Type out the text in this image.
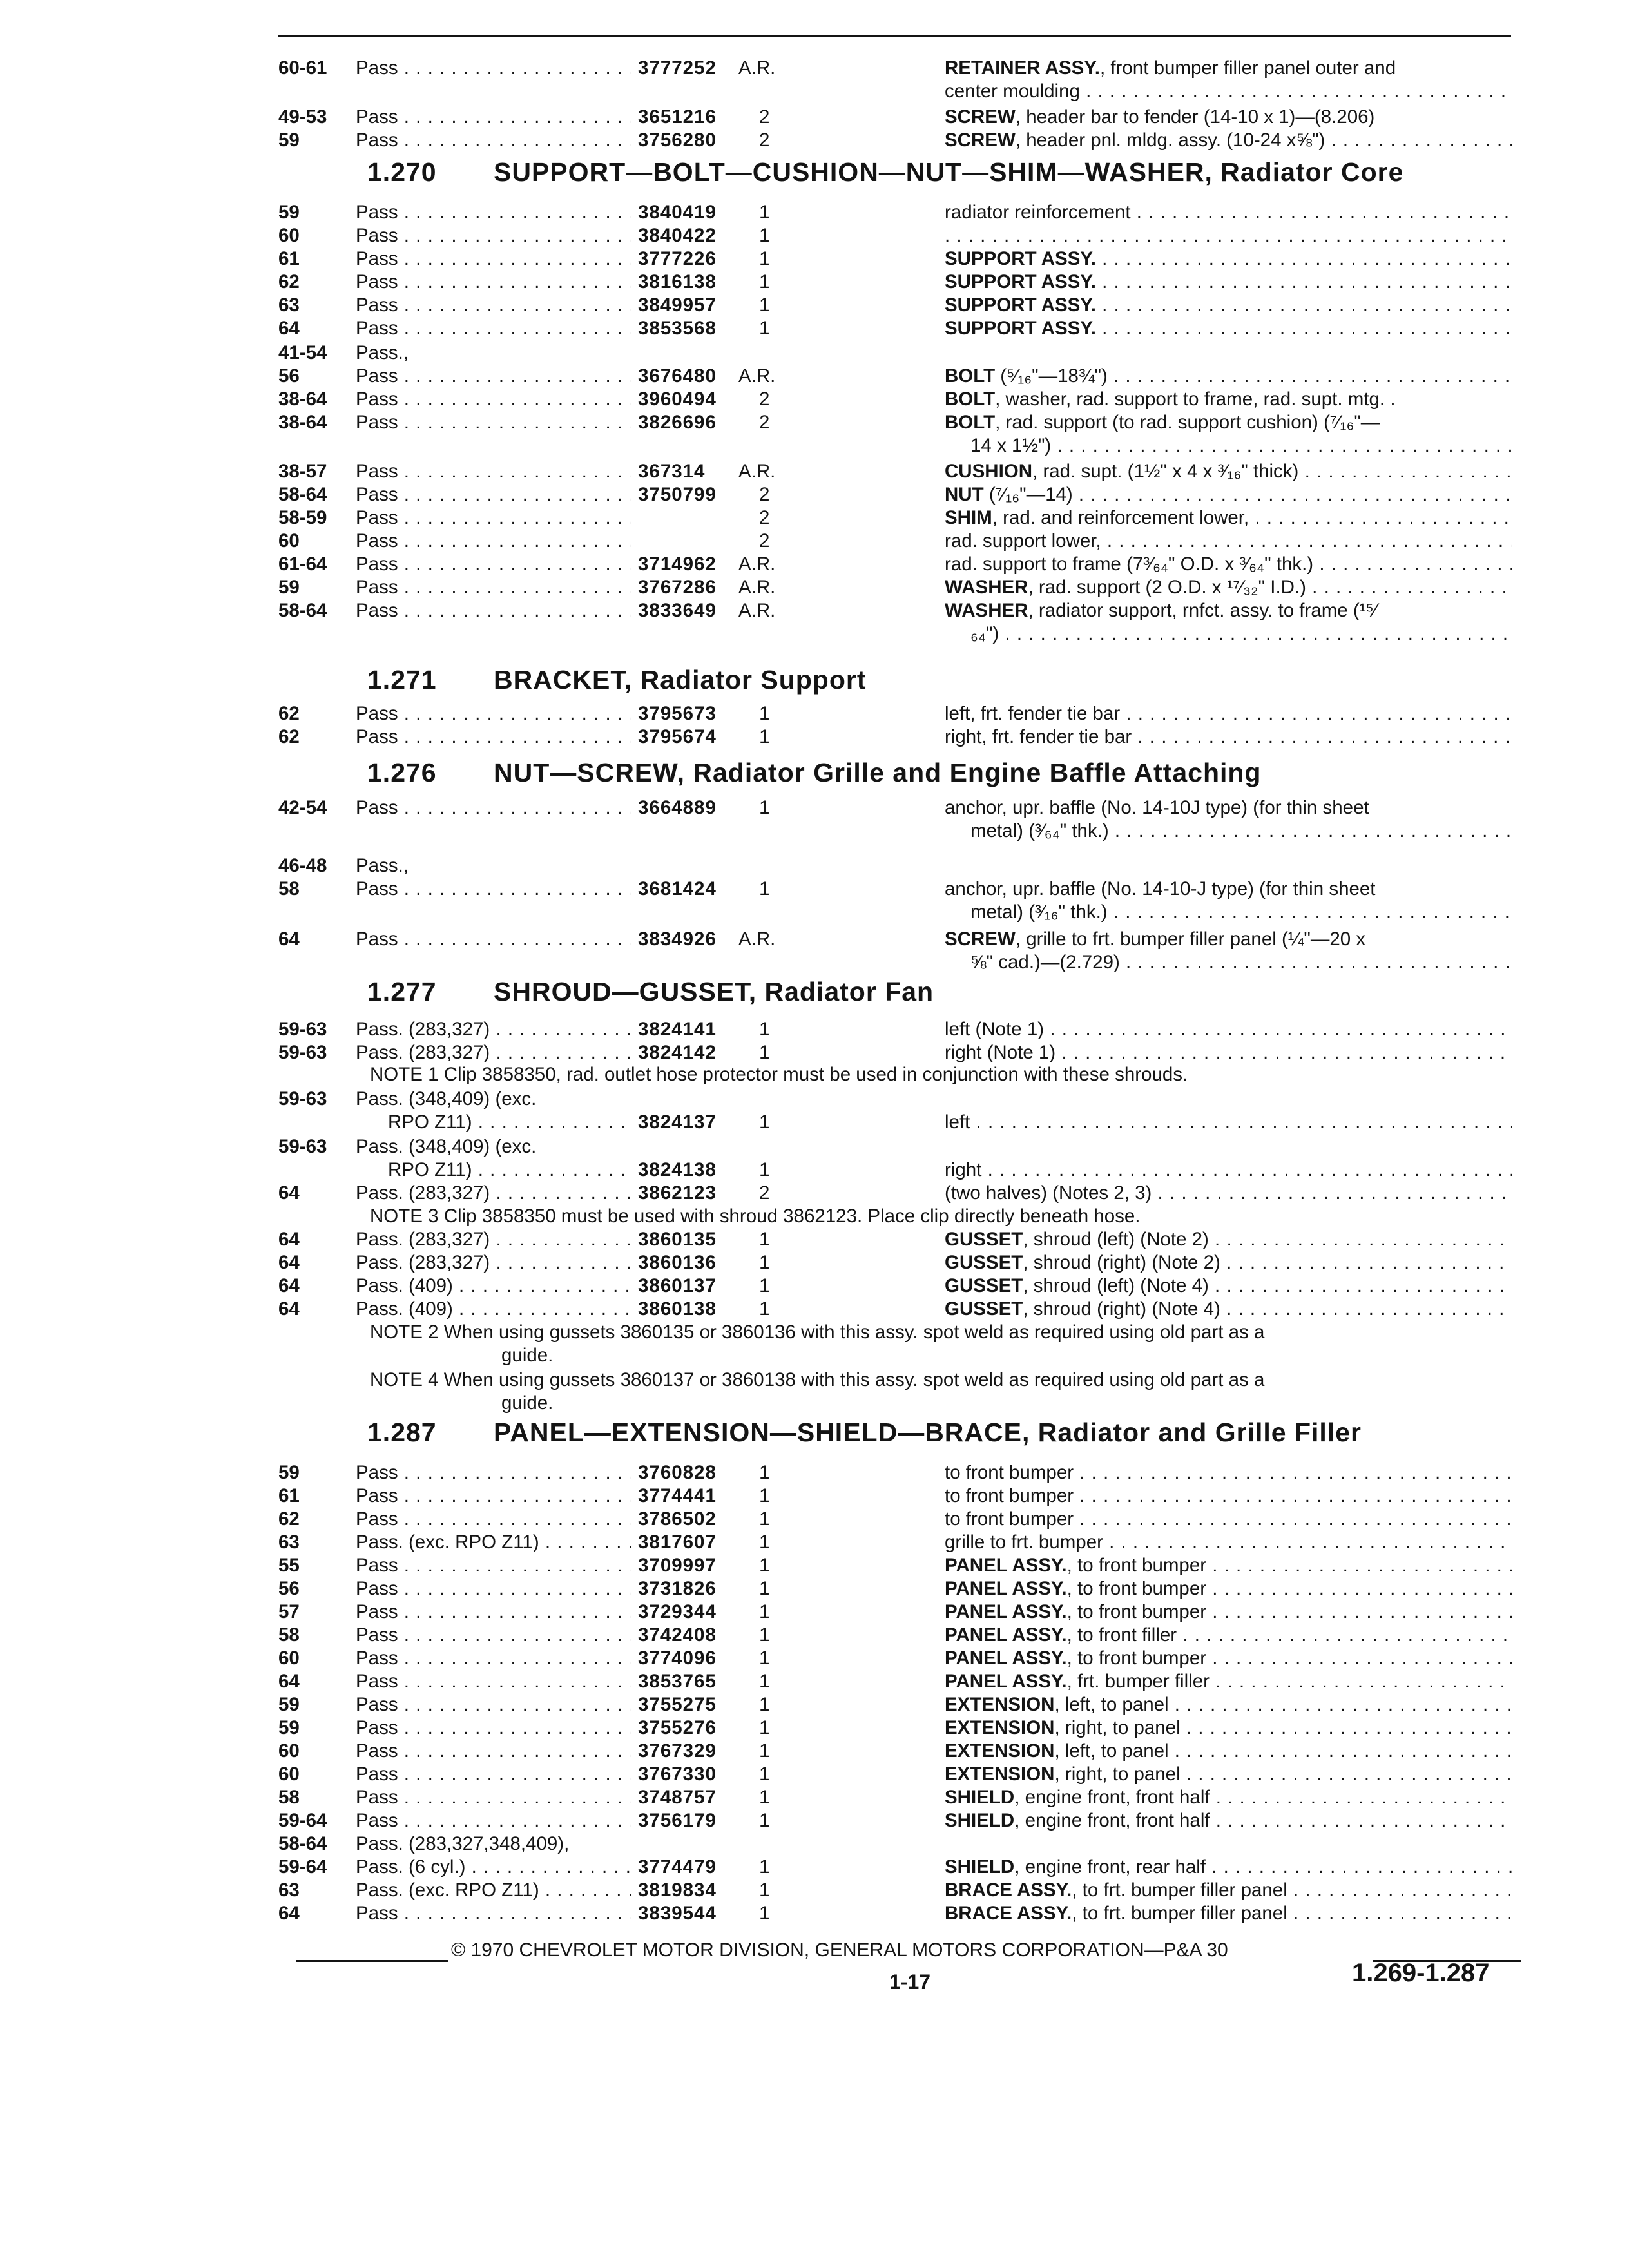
60-61 Pass . . .	3777252 A.R.	RETAINER ASSY., front bumper filler panel outer and
center moulding . . .
49-53 Pass . . .	3651216 2	SCREW, header bar to fender (14-10 x 1)—(8.206)
59	Pass . . .	3756280 2	SCREW, header pnl. mldg. assy. (10-24 x⅝") . . .
1.270 SUPPORT—BOLT—CUSHION—NUT—SHIM—WASHER, Radiator Core
59	Pass . . .	3840419 1	radiator reinforcement . . .
60	Pass . . .	3840422 1
. . .
61	Pass . . .	3777226 1	SUPPORT ASSY. . . .
62	Pass . . .	3816138 1	SUPPORT ASSY. . . .
63	Pass . . .	3849957 1	SUPPORT ASSY. . . .
64	Pass . . .	3853568 1	SUPPORT ASSY. . . .
41-54 Pass.,
56	Pass . . .	3676480 A.R.	BOLT (⁵⁄₁₆"—18¾") . . .
38-64 Pass . . .	3960494 2	BOLT, washer, rad. support to frame, rad. supt. mtg. .
38-64 Pass . . .	3826696 2	BOLT, rad. support (to rad. support cushion) (⁷⁄₁₆"—
14 x 1½") . . .
38-57 Pass . . .	367314 A.R.	CUSHION, rad. supt. (1½" x 4 x ³⁄₁₆" thick) . . .
58-64 Pass . . .	3750799 2	NUT (⁷⁄₁₆"—14) . . .
58-59 Pass . . .	2	SHIM, rad. and reinforcement lower, . . .
60	Pass . . .	2	rad. support lower, . . .
61-64 Pass . . .	3714962 A.R.	rad. support to frame (7³⁄₆₄" O.D. x ³⁄₆₄" thk.) . . .
59	Pass . . .	3767286 A.R.	WASHER, rad. support (2 O.D. x ¹⁷⁄₃₂" I.D.) . . .
58-64 Pass . . .	3833649 A.R.	WASHER, radiator support, rnfct. assy. to frame (¹⁵⁄
₆₄") . . .
1.271 BRACKET, Radiator Support
62	Pass . . .	3795673 1	left, frt. fender tie bar . . .
62	Pass . . .	3795674 1	right, frt. fender tie bar . . .
1.276 NUT—SCREW, Radiator Grille and Engine Baffle Attaching
42-54 Pass . . .	3664889 1	anchor, upr. baffle (No. 14-10J type) (for thin sheet
metal) (³⁄₆₄" thk.) . . .
46-48 Pass.,
58	Pass . . .	3681424 1	anchor, upr. baffle (No. 14-10-J type) (for thin sheet
metal) (³⁄₁₆" thk.) . . .
64	Pass . . .	3834926 A.R.	SCREW, grille to frt. bumper filler panel (¼"—20 x
⅝" cad.)—(2.729) . . .
1.277 SHROUD—GUSSET, Radiator Fan
59-63 Pass. (283,327) . . .	3824141 1	left (Note 1) . . .
59-63 Pass. (283,327) . . .	3824142 1	right (Note 1) . . .
59-63 Pass. (348,409) (exc.
RPO Z11) . . .	3824137 1	left . . .
59-63 Pass. (348,409) (exc.
RPO Z11) . . .	3824138 1	right . . .
64	Pass. (283,327) . . .	3862123 2	(two halves) (Notes 2, 3) . . .
64	Pass. (283,327) . . .	3860135 1	GUSSET, shroud (left) (Note 2) . . .
64	Pass. (283,327) . . .	3860136 1	GUSSET, shroud (right) (Note 2) . . .
64	Pass. (409) . . .	3860137 1	GUSSET, shroud (left) (Note 4) . . .
64	Pass. (409) . . .	3860138 1	GUSSET, shroud (right) (Note 4) . . .
1.287 PANEL—EXTENSION—SHIELD—BRACE, Radiator and Grille Filler
59	Pass . . .	3760828 1	to front bumper . . .
61	Pass . . .	3774441 1	to front bumper . . .
62	Pass . . .	3786502 1	to front bumper . . .
63	Pass. (exc. RPO Z11) . . .	3817607 1	grille to frt. bumper . . .
55	Pass . . .	3709997 1	PANEL ASSY., to front bumper . . .
56	Pass . . .	3731826 1	PANEL ASSY., to front bumper . . .
57	Pass . . .	3729344 1	PANEL ASSY., to front bumper . . .
58	Pass . . .	3742408 1	PANEL ASSY., to front filler . . .
60	Pass . . .	3774096 1	PANEL ASSY., to front bumper . . .
64	Pass . . .	3853765 1	PANEL ASSY., frt. bumper filler . . .
59	Pass . . .	3755275 1	EXTENSION, left, to panel . . .
59	Pass . . .	3755276 1	EXTENSION, right, to panel . . .
60	Pass . . .	3767329 1	EXTENSION, left, to panel . . .
60	Pass . . .	3767330 1	EXTENSION, right, to panel . . .
58	Pass . . .	3748757 1	SHIELD, engine front, front half . . .
59-64 Pass . . .	3756179 1	SHIELD, engine front, front half . . .
58-64 Pass. (283,327,348,409),
59-64 Pass. (6 cyl.) . . .	3774479 1	SHIELD, engine front, rear half . . .
63	Pass. (exc. RPO Z11) . . .	3819834 1	BRACE ASSY., to frt. bumper filler panel . . .
64	Pass . . .	3839544 1	BRACE ASSY., to frt. bumper filler panel . . .
NOTE 1 Clip 3858350, rad. outlet hose protector must be used in conjunction with these shrouds.
NOTE 3 Clip 3858350 must be used with shroud 3862123. Place clip directly beneath hose.
NOTE 2 When using gussets 3860135 or 3860136 with this assy. spot weld as required using old part as a
guide.
NOTE 4 When using gussets 3860137 or 3860138 with this assy. spot weld as required using old part as a
guide.
© 1970 CHEVROLET MOTOR DIVISION, GENERAL MOTORS CORPORATION—P&A 30
1-17	1.269-1.287
